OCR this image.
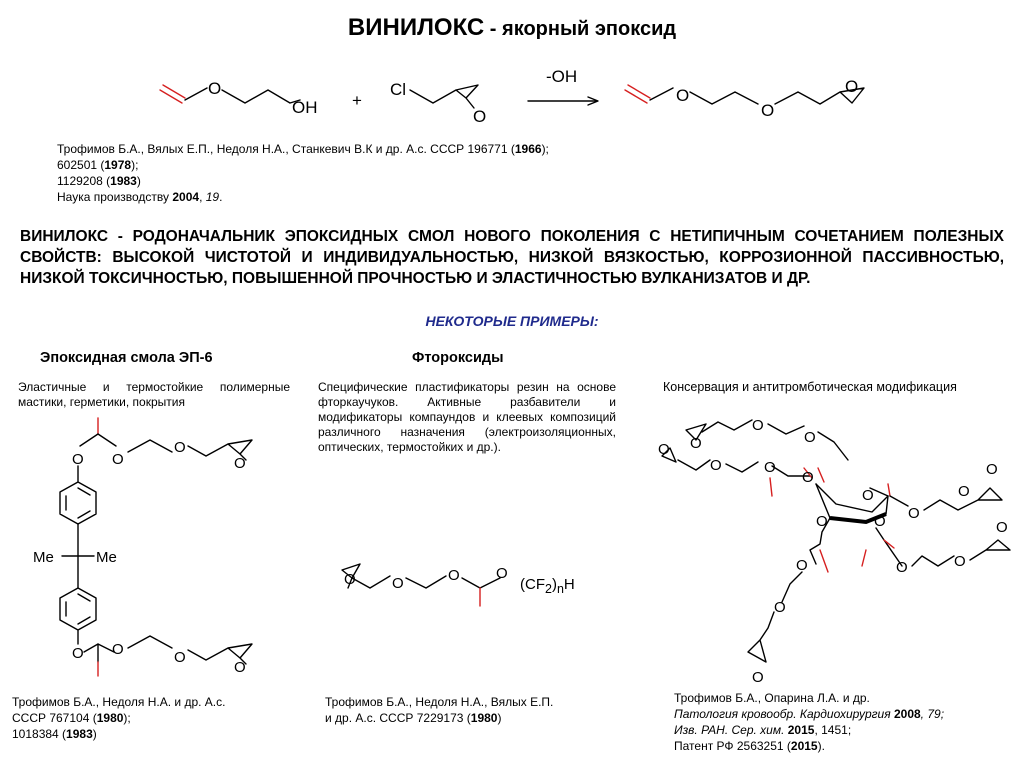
ВИНИЛОКС - якорный эпоксид
O
OH +
Cl
O
-OH
O
O
O
Трофимов Б.А., Вялых Е.П., Недоля Н.А., Станкевич В.К и др. А.с. СССР 196771 (1966);
602501 (1978);
1129208 (1983)
Наука производству 2004, 19.
ВИНИЛОКС - РОДОНАЧАЛЬНИК ЭПОКСИДНЫХ СМОЛ НОВОГО ПОКОЛЕНИЯ С НЕТИПИЧНЫМ СОЧЕТАНИЕМ ПОЛЕЗНЫХ СВОЙСТВ: ВЫСОКОЙ ЧИСТОТОЙ И ИНДИВИДУАЛЬНОСТЬЮ, НИЗКОЙ ВЯЗКОСТЬЮ, КОРРОЗИОННОЙ ПАССИВНОСТЬЮ, НИЗКОЙ ТОКСИЧНОСТЬЮ, ПОВЫШЕННОЙ ПРОЧНОСТЬЮ И ЭЛАСТИЧНОСТЬЮ ВУЛКАНИЗАТОВ И ДР.
НЕКОТОРЫЕ ПРИМЕРЫ:
Эпоксидная смола ЭП-6
Эластичные и термостойкие полимерные мастики, герметики, покрытия
O O
O
O
Me	Me
O O	O
O
Трофимов Б.А., Недоля Н.А. и др. А.с.
СССР 767104 (1980);
1018384 (1983)
Фтороксиды
Специфические пластификаторы резин на основе фторкаучуков. Активные разбавители и модификаторы компаундов и клеевых композиций различного назначения (электроизоляционных, оптических, термостойких и др.).
O O	O O
$(CF_2)_nH$
Трофимов Б.А., Недоля Н.А., Вялых Е.П.
и др. А.с. СССР 7229173 (1980)
Консервация и антитромботическая модификация
O
O
O
O
O	O
O
O
O O
O
O
O	O
O
O
O
O
O
Трофимов Б.А., Опарина Л.А. и др.
Патология кровообр. Кардиохирургия 2008, 79;
Изв. РАН. Сер. хим. 2015, 1451;
Патент РФ 2563251 (2015).
